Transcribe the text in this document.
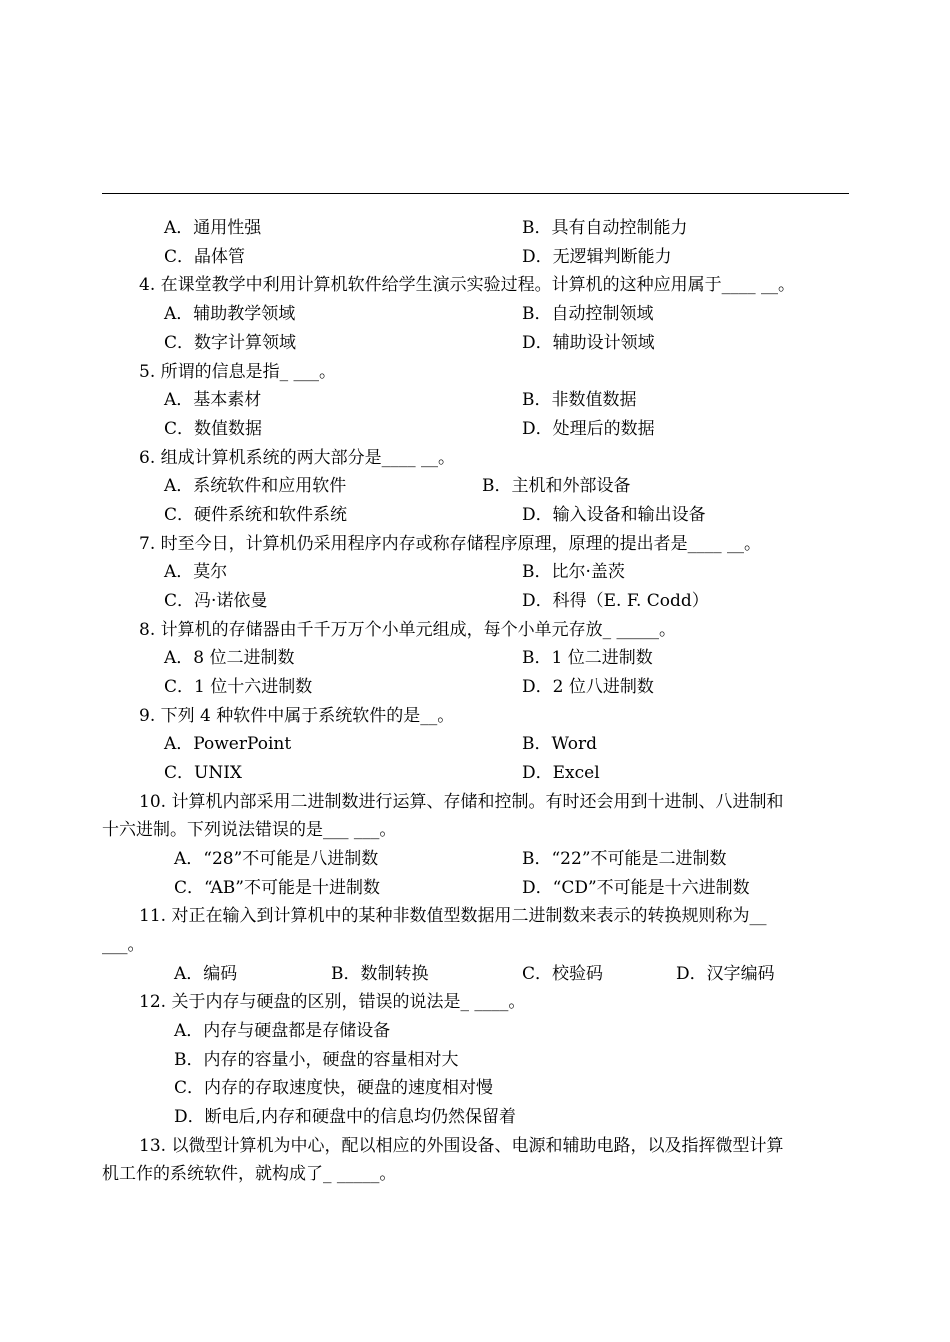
A．通用性强	B．具有自动控制能力
C．晶体管	D．无逻辑判断能力
4. 在课堂教学中利用计算机软件给学生演示实验过程。计算机的这种应用属于____ __。
A．辅助教学领域	B．自动控制领域
C．数字计算领域	D．辅助设计领域
5. 所谓的信息是指_ ___。
A．基本素材	B．非数值数据
C．数值数据	D．处理后的数据
6. 组成计算机系统的两大部分是____ __。
A．系统软件和应用软件	B．主机和外部设备
C．硬件系统和软件系统	D．输入设备和输出设备
7. 时至今日，计算机仍采用程序内存或称存储程序原理，原理的提出者是____ __。
A．莫尔	B．比尔·盖茨
C．冯·诺依曼	D．科得（E. F. Codd）
8. 计算机的存储器由千千万万个小单元组成，每个小单元存放_ _____。
A．8 位二进制数	B．1 位二进制数
C．1 位十六进制数	D．2 位八进制数
9. 下列 4 种软件中属于系统软件的是__。
A．PowerPoint	B．Word
C．UNIX	D．Excel
10. 计算机内部采用二进制数进行运算、存储和控制。有时还会用到十进制、八进制和
十六进制。下列说法错误的是___ ___。
A．“28”不可能是八进制数	B．“22”不可能是二进制数
C．“AB”不可能是十进制数	D．“CD”不可能是十六进制数
11. 对正在输入到计算机中的某种非数值型数据用二进制数来表示的转换规则称为__
___。
A．编码	B．数制转换	C．校验码	D．汉字编码
12. 关于内存与硬盘的区别，错误的说法是_ ____。
A．内存与硬盘都是存储设备
B．内存的容量小，硬盘的容量相对大
C．内存的存取速度快，硬盘的速度相对慢
D．断电后,内存和硬盘中的信息均仍然保留着
13. 以微型计算机为中心，配以相应的外围设备、电源和辅助电路，以及指挥微型计算
机工作的系统软件，就构成了_ _____。
